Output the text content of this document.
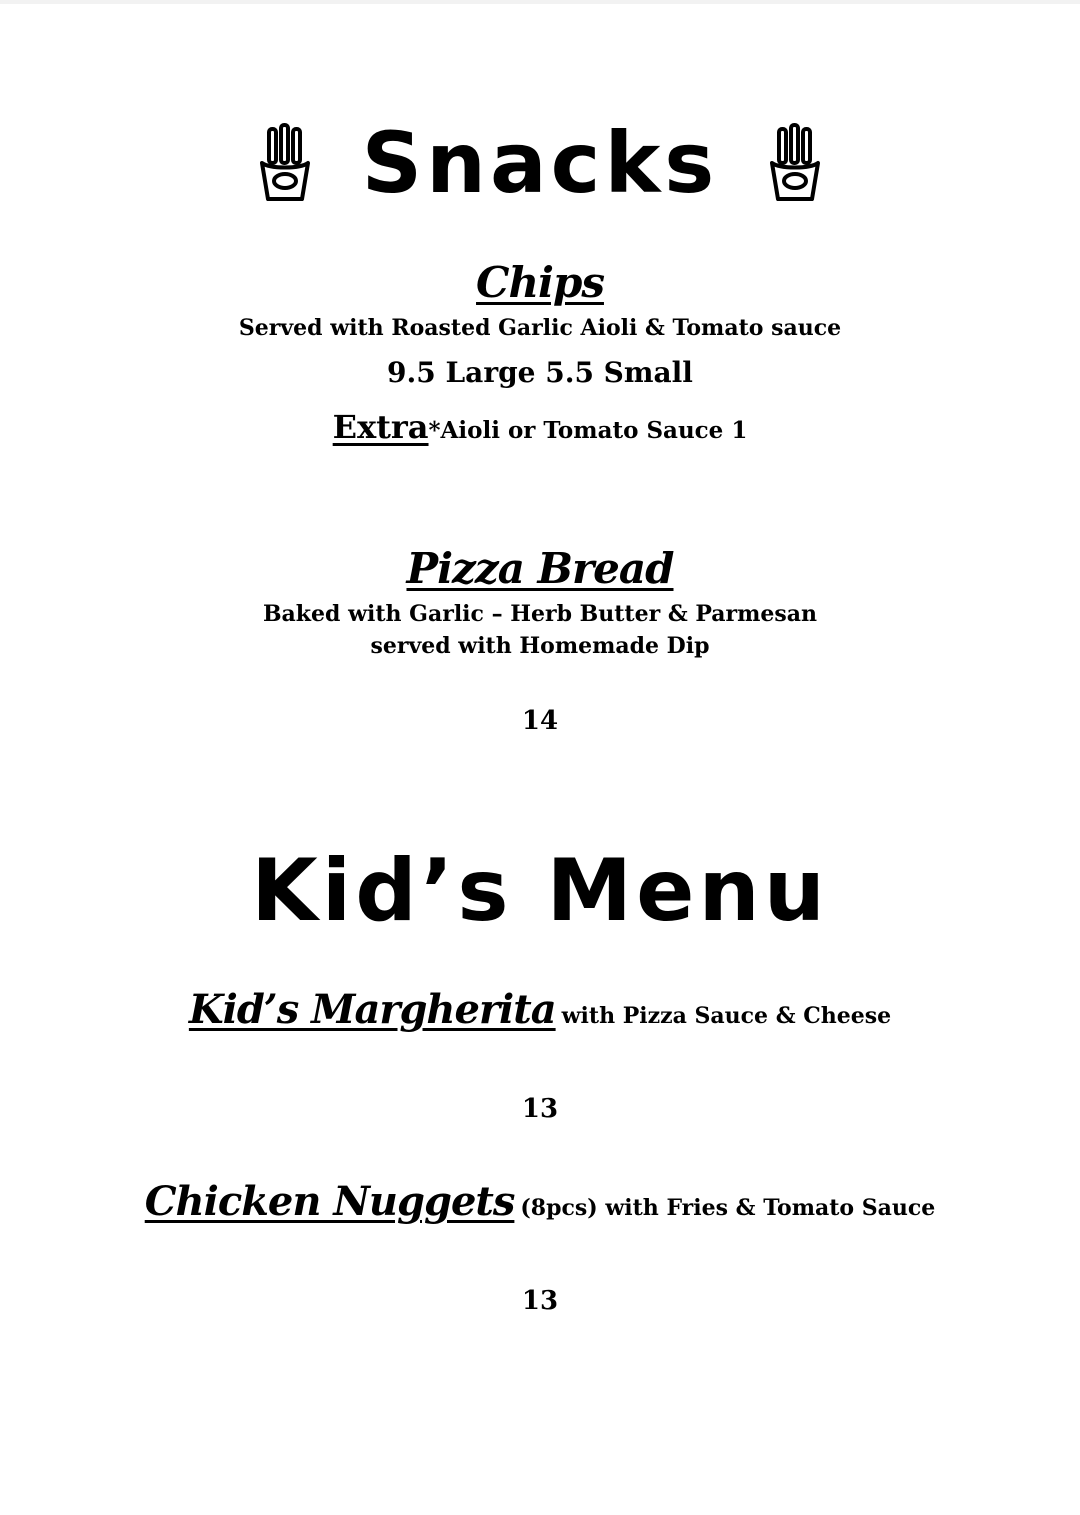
Snacks
Chips
Served with Roasted Garlic Aioli & Tomato sauce
9.5 Large 5.5 Small
Extra *Aioli or Tomato Sauce 1
Pizza Bread
Baked with Garlic – Herb Butter & Parmesan
served with Homemade Dip
14
Kid’s Menu
Kid’s Margherita with Pizza Sauce & Cheese
13
Chicken Nuggets (8pcs) with Fries & Tomato Sauce
13
